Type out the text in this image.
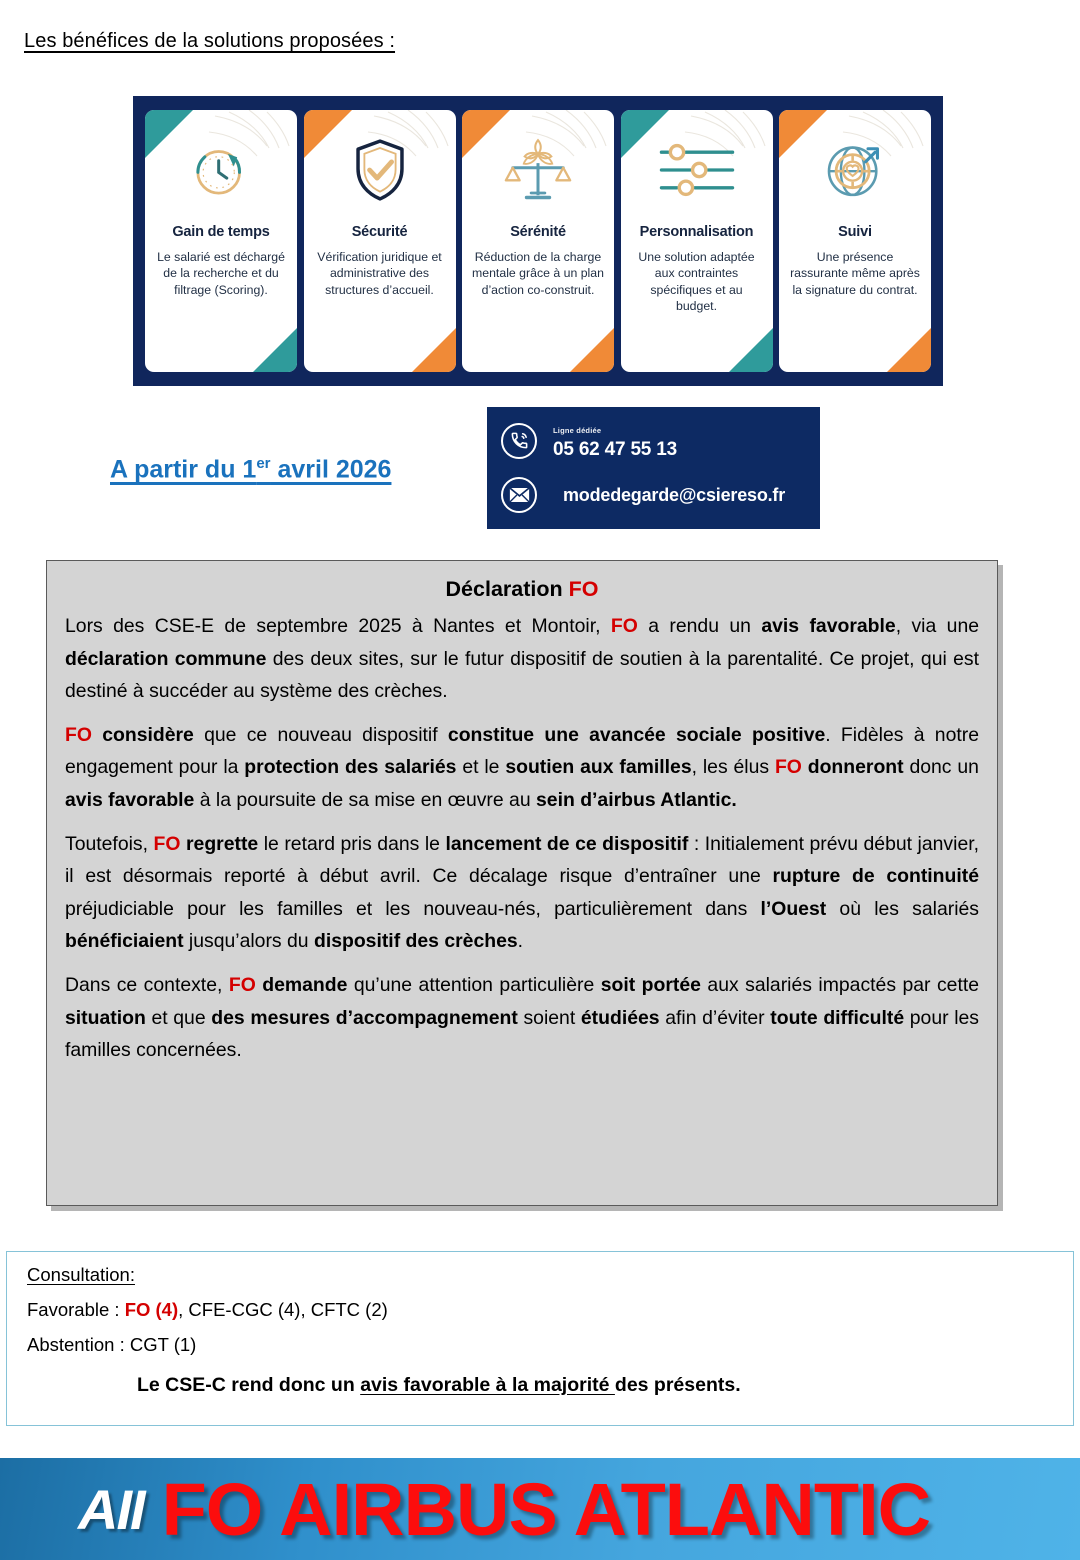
Les bénéfices de la solutions proposées :
Gain de temps
Le salarié est déchargé de la recherche et du filtrage (Scoring).
Sécurité
Vérification juridique et administrative des structures d’accueil.
Sérénité
Réduction de la charge mentale grâce à un plan d’action co-construit.
Personnalisation
Une solution adaptée aux contraintes spécifiques et au budget.
Suivi
Une présence rassurante même après la signature du contrat.
A partir du 1er avril 2026
Ligne dédiée
05 62 47 55 13
modedegarde@csiereso.fr
Déclaration FO

Lors des CSE-E de septembre 2025 à Nantes et Montoir, FO a rendu un avis favorable, via une déclaration commune des deux sites, sur le futur dispositif de soutien à la parentalité. Ce projet, qui est destiné à succéder au système des crèches.

FO considère que ce nouveau dispositif constitue une avancée sociale positive. Fidèles à notre engagement pour la protection des salariés et le soutien aux familles, les élus FO donneront donc un avis favorable à la poursuite de sa mise en œuvre au sein d’airbus Atlantic.

Toutefois, FO regrette le retard pris dans le lancement de ce dispositif : Initialement prévu début janvier, il est désormais reporté à début avril. Ce décalage risque d’entraîner une rupture de continuité préjudiciable pour les familles et les nouveau-nés, particulièrement dans l’Ouest où les salariés bénéficiaient jusqu’alors du dispositif des crèches.

Dans ce contexte, FO demande qu’une attention particulière soit portée aux salariés impactés par cette situation et que des mesures d’accompagnement soient étudiées afin d’éviter toute difficulté pour les familles concernées.

Consultation:
Favorable : FO (4), CFE-CGC (4), CFTC (2)
Abstention : CGT (1)
Le CSE-C rend donc un avis favorable à la majorité des présents.
AII FO AIRBUS ATLANTIC
